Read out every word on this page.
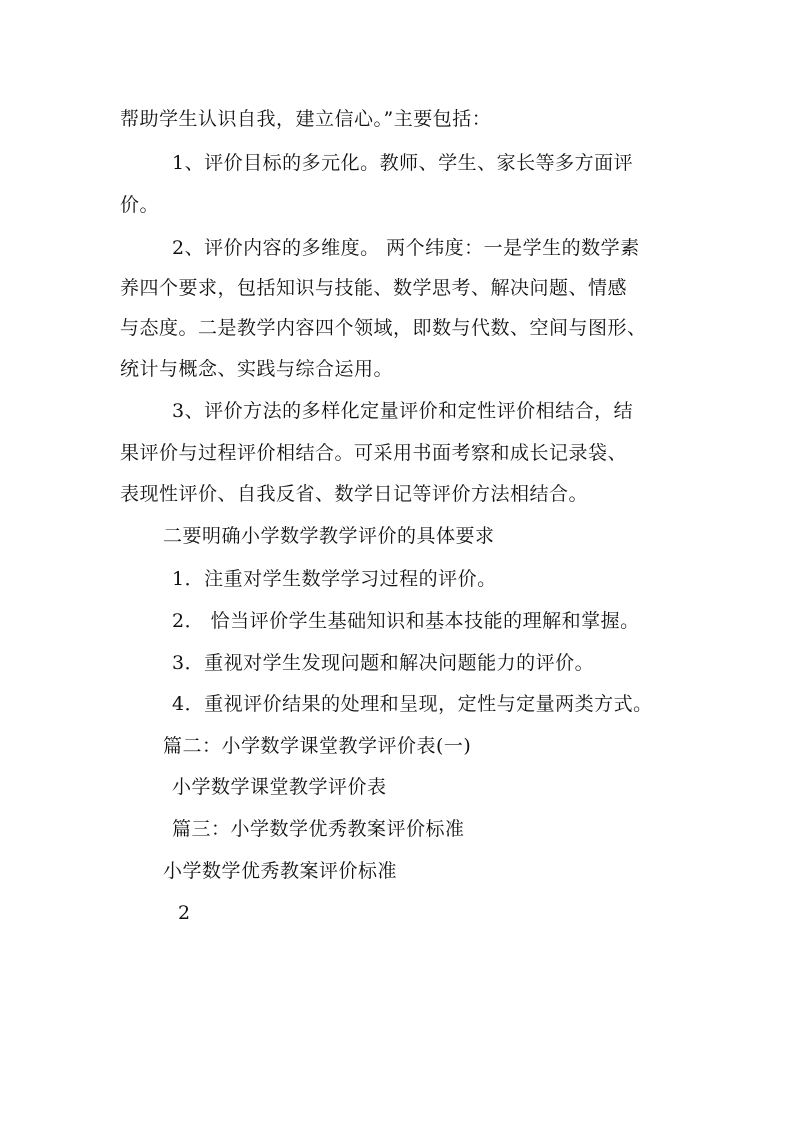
帮助学生认识自我，建立信心。”主要包括：
1、评价目标的多元化。教师、学生、家长等多方面评
价。
2、评价内容的多维度。 两个纬度：一是学生的数学素
养四个要求，包括知识与技能、数学思考、解决问题、情感
与态度。二是教学内容四个领域，即数与代数、空间与图形、
统计与概念、实践与综合运用。
3、评价方法的多样化定量评价和定性评价相结合，结
果评价与过程评价相结合。可采用书面考察和成长记录袋、
表现性评价、自我反省、数学日记等评价方法相结合。
二要明确小学数学教学评价的具体要求
1．注重对学生数学学习过程的评价。
2． 恰当评价学生基础知识和基本技能的理解和掌握。
3．重视对学生发现问题和解决问题能力的评价。
4．重视评价结果的处理和呈现，定性与定量两类方式。
篇二：小学数学课堂教学评价表(一)
小学数学课堂教学评价表
篇三：小学数学优秀教案评价标准
小学数学优秀教案评价标准
2
